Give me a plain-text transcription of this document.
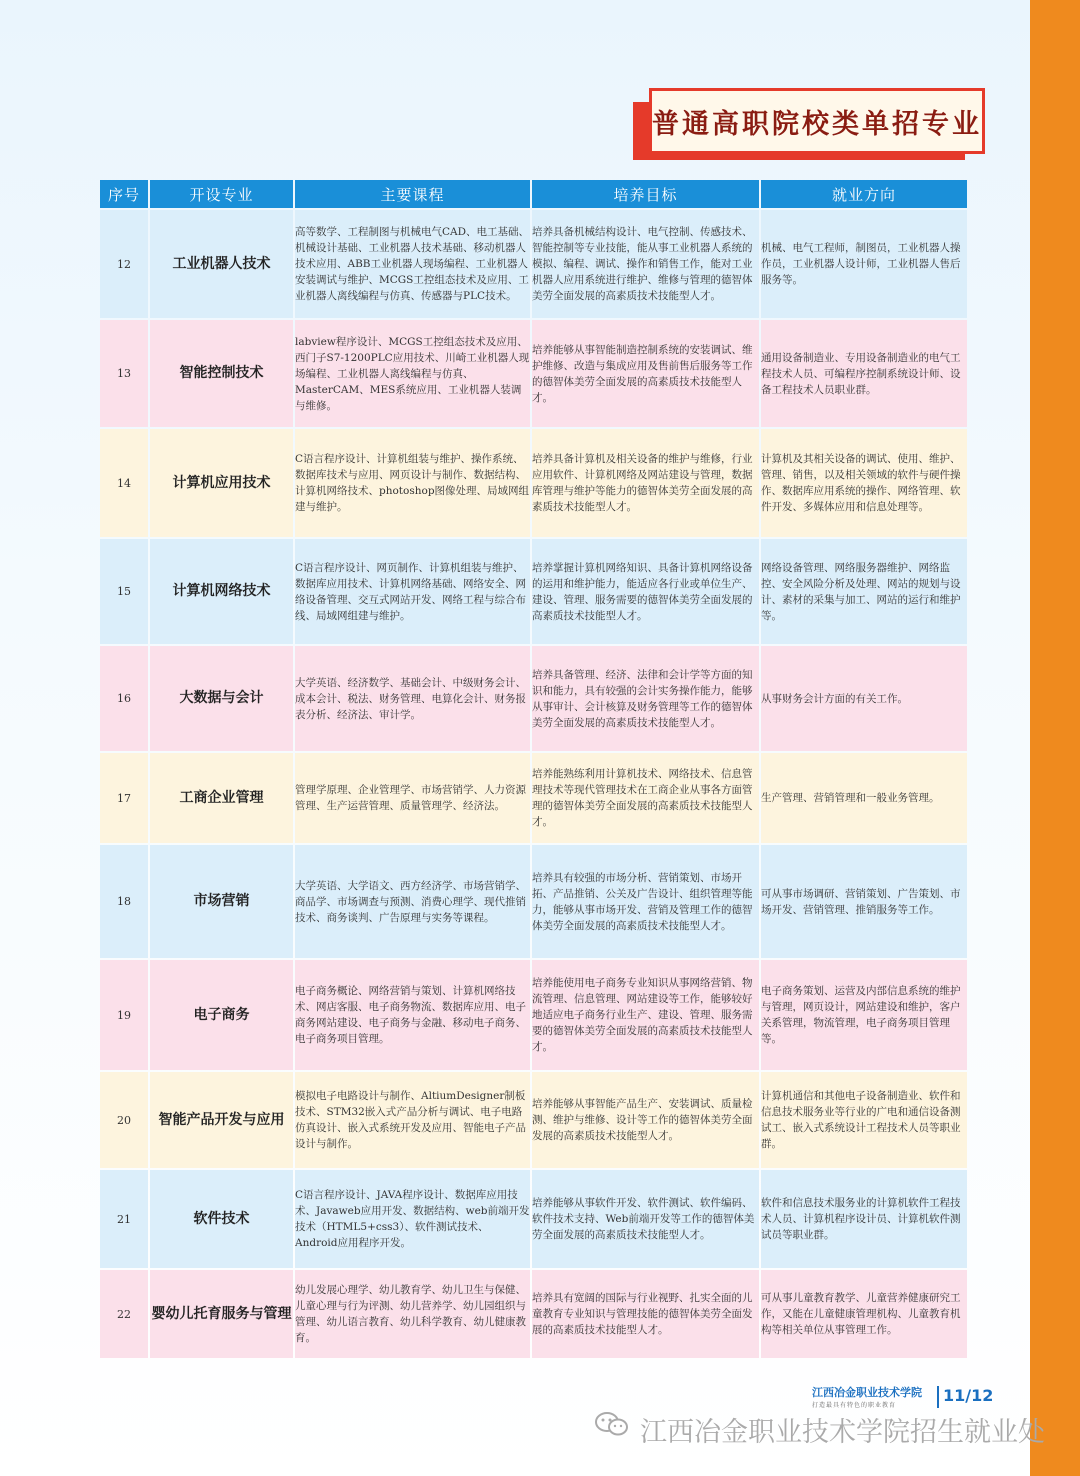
普通高职院校类单招专业
序号	开设专业	主要课程	培养目标	就业方向
12	工业机器人技术	高等数学、工程制图与机械电气CAD、电工基础、机械设计基础、工业机器人技术基础、移动机器人技术应用、ABB工业机器人现场编程、工业机器人安装调试与维护、MCGS工控组态技术及应用、工业机器人离线编程与仿真、传感器与PLC技术。	培养具备机械结构设计、电气控制、传感技术、智能控制等专业技能，能从事工业机器人系统的模拟、编程、调试、操作和销售工作，能对工业机器人应用系统进行维护、维修与管理的德智体美劳全面发展的高素质技术技能型人才。	机械、电气工程师，制图员，工业机器人操作员，工业机器人设计师，工业机器人售后服务等。
13	智能控制技术	labview程序设计、MCGS工控组态技术及应用、西门子S7-1200PLC应用技术、川崎工业机器人现场编程、工业机器人离线编程与仿真、MasterCAM、MES系统应用、工业机器人装调与维修。	培养能够从事智能制造控制系统的安装调试、维护维修、改造与集成应用及售前售后服务等工作的德智体美劳全面发展的高素质技术技能型人才。	通用设备制造业、专用设备制造业的电气工程技术人员、可编程序控制系统设计师、设备工程技术人员职业群。
14	计算机应用技术	C语言程序设计、计算机组装与维护、操作系统、数据库技术与应用、网页设计与制作、数据结构、计算机网络技术、photoshop图像处理、局域网组建与维护。	培养具备计算机及相关设备的维护与维修，行业应用软件、计算机网络及网站建设与管理，数据库管理与维护等能力的德智体美劳全面发展的高素质技术技能型人才。	计算机及其相关设备的调试、使用、维护、管理、销售，以及相关领域的软件与硬件操作、数据库应用系统的操作、网络管理、软件开发、多媒体应用和信息处理等。
15	计算机网络技术	C语言程序设计、网页制作、计算机组装与维护、数据库应用技术、计算机网络基础、网络安全、网络设备管理、交互式网站开发、网络工程与综合布线、局域网组建与维护。	培养掌握计算机网络知识、具备计算机网络设备的运用和维护能力，能适应各行业或单位生产、建设、管理、服务需要的德智体美劳全面发展的高素质技术技能型人才。	网络设备管理、网络服务器维护、网络监控、安全风险分析及处理、网站的规划与设计、素材的采集与加工、网站的运行和维护等。
16	大数据与会计	大学英语、经济数学、基础会计、中级财务会计、成本会计、税法、财务管理、电算化会计、财务报表分析、经济法、审计学。	培养具备管理、经济、法律和会计学等方面的知识和能力，具有较强的会计实务操作能力，能够从事审计、会计核算及财务管理等工作的德智体美劳全面发展的高素质技术技能型人才。	从事财务会计方面的有关工作。
17	工商企业管理	管理学原理、企业管理学、市场营销学、人力资源管理、生产运营管理、质量管理学、经济法。	培养能熟练利用计算机技术、网络技术、信息管理技术等现代管理技术在工商企业从事各方面管理的德智体美劳全面发展的高素质技术技能型人才。	生产管理、营销管理和一般业务管理。
18	市场营销	大学英语、大学语文、西方经济学、市场营销学、商品学、市场调查与预测、消费心理学、现代推销技术、商务谈判、广告原理与实务等课程。	培养具有较强的市场分析、营销策划、市场开拓、产品推销、公关及广告设计、组织管理等能力，能够从事市场开发、营销及管理工作的德智体美劳全面发展的高素质技术技能型人才。	可从事市场调研、营销策划、广告策划、市场开发、营销管理、推销服务等工作。
19	电子商务	电子商务概论、网络营销与策划、计算机网络技术、网店客服、电子商务物流、数据库应用、电子商务网站建设、电子商务与金融、移动电子商务、电子商务项目管理。	培养能使用电子商务专业知识从事网络营销、物流管理、信息管理、网站建设等工作，能够较好地适应电子商务行业生产、建设、管理、服务需要的德智体美劳全面发展的高素质技术技能型人才。	电子商务策划、运营及内部信息系统的维护与管理，网页设计，网站建设和维护，客户关系管理，物流管理，电子商务项目管理等。
20	智能产品开发与应用	模拟电子电路设计与制作、AltiumDesigner制板技术、STM32嵌入式产品分析与调试、电子电路仿真设计、嵌入式系统开发及应用、智能电子产品设计与制作。	培养能够从事智能产品生产、安装调试、质量检测、维护与维修、设计等工作的德智体美劳全面发展的高素质技术技能型人才。	计算机通信和其他电子设备制造业、软件和信息技术服务业等行业的广电和通信设备测试工、嵌入式系统设计工程技术人员等职业群。
21	软件技术	C语言程序设计、JAVA程序设计、数据库应用技术、Javaweb应用开发、数据结构、web前端开发技术（HTML5+css3）、软件测试技术、Android应用程序开发。	培养能够从事软件开发、软件测试、软件编码、软件技术支持、Web前端开发等工作的德智体美劳全面发展的高素质技术技能型人才。	软件和信息技术服务业的计算机软件工程技术人员、计算机程序设计员、计算机软件测试员等职业群。
22	婴幼儿托育服务与管理	幼儿发展心理学、幼儿教育学、幼儿卫生与保健、儿童心理与行为评测、幼儿营养学、幼儿园组织与管理、幼儿语言教育、幼儿科学教育、幼儿健康教育。	培养具有宽阔的国际与行业视野、扎实全面的儿童教育专业知识与管理技能的德智体美劳全面发展的高素质技术技能型人才。	可从事儿童教育教学、儿童营养健康研究工作，又能在儿童健康管理机构、儿童教育机构等相关单位从事管理工作。
江西冶金职业技术学院
打造最具有特色的职业教育
11/12
江西冶金职业技术学院招生就业处
